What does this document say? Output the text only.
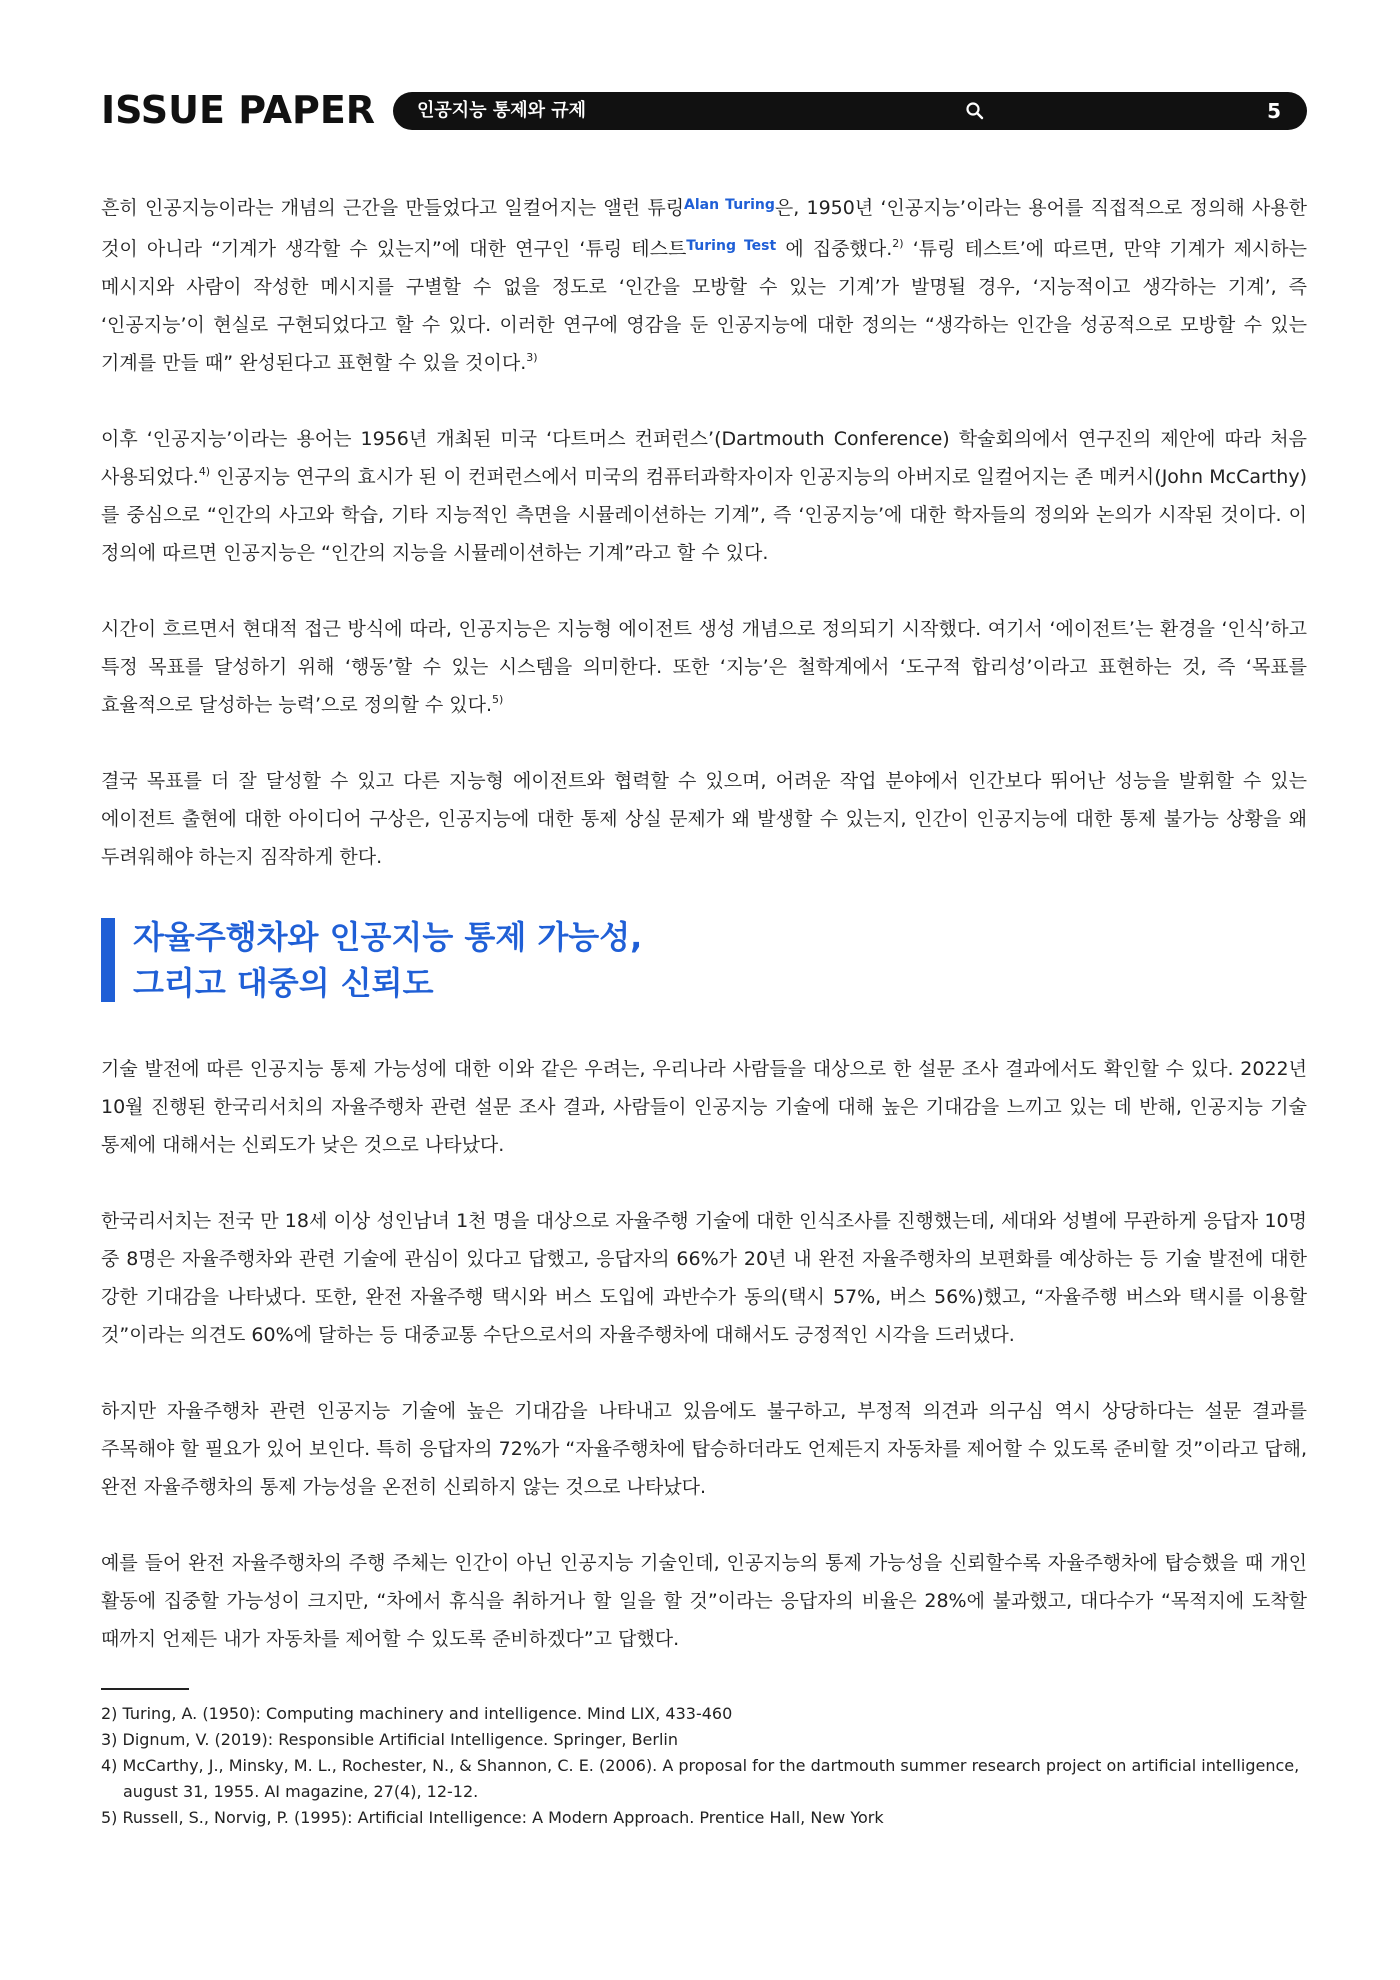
ISSUE PAPER 인공지능 통제와 규제	5

흔히 인공지능이라는 개념의 근간을 만들었다고 일컬어지는 앨런 튜링$^{Alan Turing}$은, 1950년 ‘인공지능’이라는 용어를 직접적으로 정의해 사용한 것이 아니라 “기계가 생각할 수 있는지”에 대한 연구인 ‘튜링 테스트$^{Turing Test}$ 에 집중했다.$^{2)}$ ‘튜링 테스트’에 따르면, 만약 기계가 제시하는 메시지와 사람이 작성한 메시지를 구별할 수 없을 정도로 ‘인간을 모방할 수 있는 기계’가 발명될 경우, ‘지능적이고 생각하는 기계’, 즉 ‘인공지능’이 현실로 구현되었다고 할 수 있다. 이러한 연구에 영감을 둔 인공지능에 대한 정의는 “생각하는 인간을 성공적으로 모방할 수 있는 기계를 만들 때” 완성된다고 표현할 수 있을 것이다.$^{3)}$

이후 ‘인공지능’이라는 용어는 1956년 개최된 미국 ‘다트머스 컨퍼런스’(Dartmouth Conference) 학술회의에서 연구진의 제안에 따라 처음 사용되었다.$^{4)}$ 인공지능 연구의 효시가 된 이 컨퍼런스에서 미국의 컴퓨터과학자이자 인공지능의 아버지로 일컬어지는 존 메커시(John McCarthy)를 중심으로 “인간의 사고와 학습, 기타 지능적인 측면을 시뮬레이션하는 기계”, 즉 ‘인공지능’에 대한 학자들의 정의와 논의가 시작된 것이다. 이 정의에 따르면 인공지능은 “인간의 지능을 시뮬레이션하는 기계”라고 할 수 있다.

시간이 흐르면서 현대적 접근 방식에 따라, 인공지능은 지능형 에이전트 생성 개념으로 정의되기 시작했다. 여기서 ‘에이전트’는 환경을 ‘인식’하고 특정 목표를 달성하기 위해 ‘행동’할 수 있는 시스템을 의미한다. 또한 ‘지능’은 철학계에서 ‘도구적 합리성’이라고 표현하는 것, 즉 ‘목표를 효율적으로 달성하는 능력’으로 정의할 수 있다.$^{5)}$

결국 목표를 더 잘 달성할 수 있고 다른 지능형 에이전트와 협력할 수 있으며, 어려운 작업 분야에서 인간보다 뛰어난 성능을 발휘할 수 있는 에이전트 출현에 대한 아이디어 구상은, 인공지능에 대한 통제 상실 문제가 왜 발생할 수 있는지, 인간이 인공지능에 대한 통제 불가능 상황을 왜 두려워해야 하는지 짐작하게 한다.

자율주행차와 인공지능 통제 가능성,

그리고 대중의 신뢰도

기술 발전에 따른 인공지능 통제 가능성에 대한 이와 같은 우려는, 우리나라 사람들을 대상으로 한 설문 조사 결과에서도 확인할 수 있다. 2022년 10월 진행된 한국리서치의 자율주행차 관련 설문 조사 결과, 사람들이 인공지능 기술에 대해 높은 기대감을 느끼고 있는 데 반해, 인공지능 기술 통제에 대해서는 신뢰도가 낮은 것으로 나타났다.

한국리서치는 전국 만 18세 이상 성인남녀 1천 명을 대상으로 자율주행 기술에 대한 인식조사를 진행했는데, 세대와 성별에 무관하게 응답자 10명 중 8명은 자율주행차와 관련 기술에 관심이 있다고 답했고, 응답자의 66%가 20년 내 완전 자율주행차의 보편화를 예상하는 등 기술 발전에 대한 강한 기대감을 나타냈다. 또한, 완전 자율주행 택시와 버스 도입에 과반수가 동의(택시 57%, 버스 56%)했고, “자율주행 버스와 택시를 이용할 것”이라는 의견도 60%에 달하는 등 대중교통 수단으로서의 자율주행차에 대해서도 긍정적인 시각을 드러냈다.

하지만 자율주행차 관련 인공지능 기술에 높은 기대감을 나타내고 있음에도 불구하고, 부정적 의견과 의구심 역시 상당하다는 설문 결과를 주목해야 할 필요가 있어 보인다. 특히 응답자의 72%가 “자율주행차에 탑승하더라도 언제든지 자동차를 제어할 수 있도록 준비할 것”이라고 답해, 완전 자율주행차의 통제 가능성을 온전히 신뢰하지 않는 것으로 나타났다.

예를 들어 완전 자율주행차의 주행 주체는 인간이 아닌 인공지능 기술인데, 인공지능의 통제 가능성을 신뢰할수록 자율주행차에 탑승했을 때 개인 활동에 집중할 가능성이 크지만, “차에서 휴식을 취하거나 할 일을 할 것”이라는 응답자의 비율은 28%에 불과했고, 대다수가 “목적지에 도착할 때까지 언제든 내가 자동차를 제어할 수 있도록 준비하겠다”고 답했다.

2) Turing, A. (1950): Computing machinery and intelligence. Mind LIX, 433-460

3) Dignum, V. (2019): Responsible Artificial Intelligence. Springer, Berlin

4) McCarthy, J., Minsky, M. L., Rochester, N., & Shannon, C. E. (2006). A proposal for the dartmouth summer research project on artificial intelligence, august 31, 1955. AI magazine, 27(4), 12-12.

5) Russell, S., Norvig, P. (1995): Artificial Intelligence: A Modern Approach. Prentice Hall, New York
